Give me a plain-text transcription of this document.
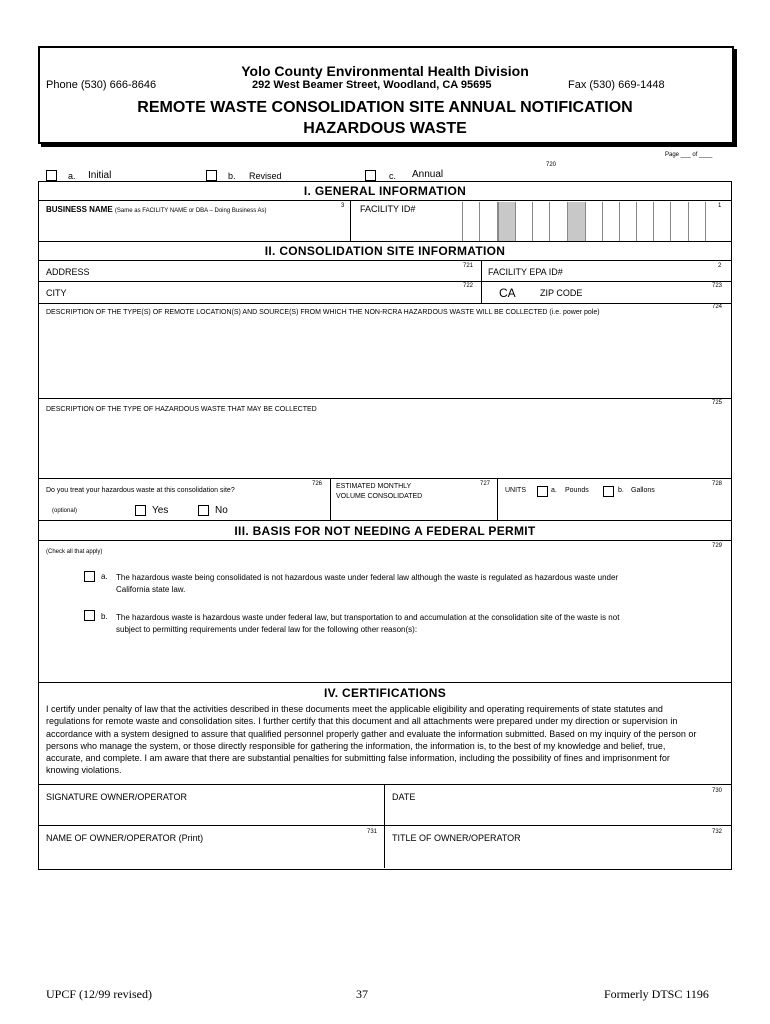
Yolo County Environmental Health Division
Phone (530) 666-8646	292 West Beamer Street, Woodland, CA 95695	Fax (530) 669-1448
REMOTE WASTE CONSOLIDATION SITE ANNUAL NOTIFICATION
HAZARDOUS WASTE
Page ___ of ____
720
a. Initial	b. Revised	c. Annual
I. GENERAL INFORMATION
BUSINESS NAME (Same as FACILITY NAME or DBA – Doing Business As)
3 FACILITY ID#	1
II. CONSOLIDATION SITE INFORMATION
ADDRESS
721
FACILITY EPA ID#
2
CITY
722 CA	ZIP CODE
723
DESCRIPTION OF THE TYPE(S) OF REMOTE LOCATION(S) AND SOURCE(S) FROM WHICH THE NON-RCRA HAZARDOUS WASTE WILL BE COLLECTED (i.e. power pole)
724
DESCRIPTION OF THE TYPE OF HAZARDOUS WASTE THAT MAY BE COLLECTED
725
Do you treat your hazardous waste at this consolidation site?
726
(optional)	Yes	No
ESTIMATED MONTHLY
VOLUME CONSOLIDATED
727
UNITS	a. Pounds	b. Gallons
728
III. BASIS FOR NOT NEEDING A FEDERAL PERMIT
(Check all that apply)
729
a. The hazardous waste being consolidated is not hazardous waste under federal law although the waste is regulated as hazardous waste under
California state law.
b. The hazardous waste is hazardous waste under federal law, but transportation to and accumulation at the consolidation site of the waste is not
subject to permitting requirements under federal law for the following other reason(s):
IV. CERTIFICATIONS
I certify under penalty of law that the activities described in these documents meet the applicable eligibility and operating requirements of state statutes and
regulations for remote waste and consolidation sites. I further certify that this document and all attachments were prepared under my direction or supervision in
accordance with a system designed to assure that qualified personnel properly gather and evaluate the information submitted. Based on my inquiry of the person or
persons who manage the system, or those directly responsible for gathering the information, the information is, to the best of my knowledge and belief, true,
accurate, and complete. I am aware that there are substantial penalties for submitting false information, including the possibility of fines and imprisonment for
knowing violations.
SIGNATURE OWNER/OPERATOR	DATE
730
NAME OF OWNER/OPERATOR (Print)
731
TITLE OF OWNER/OPERATOR
732
UPCF (12/99 revised)	37	Formerly DTSC 1196
